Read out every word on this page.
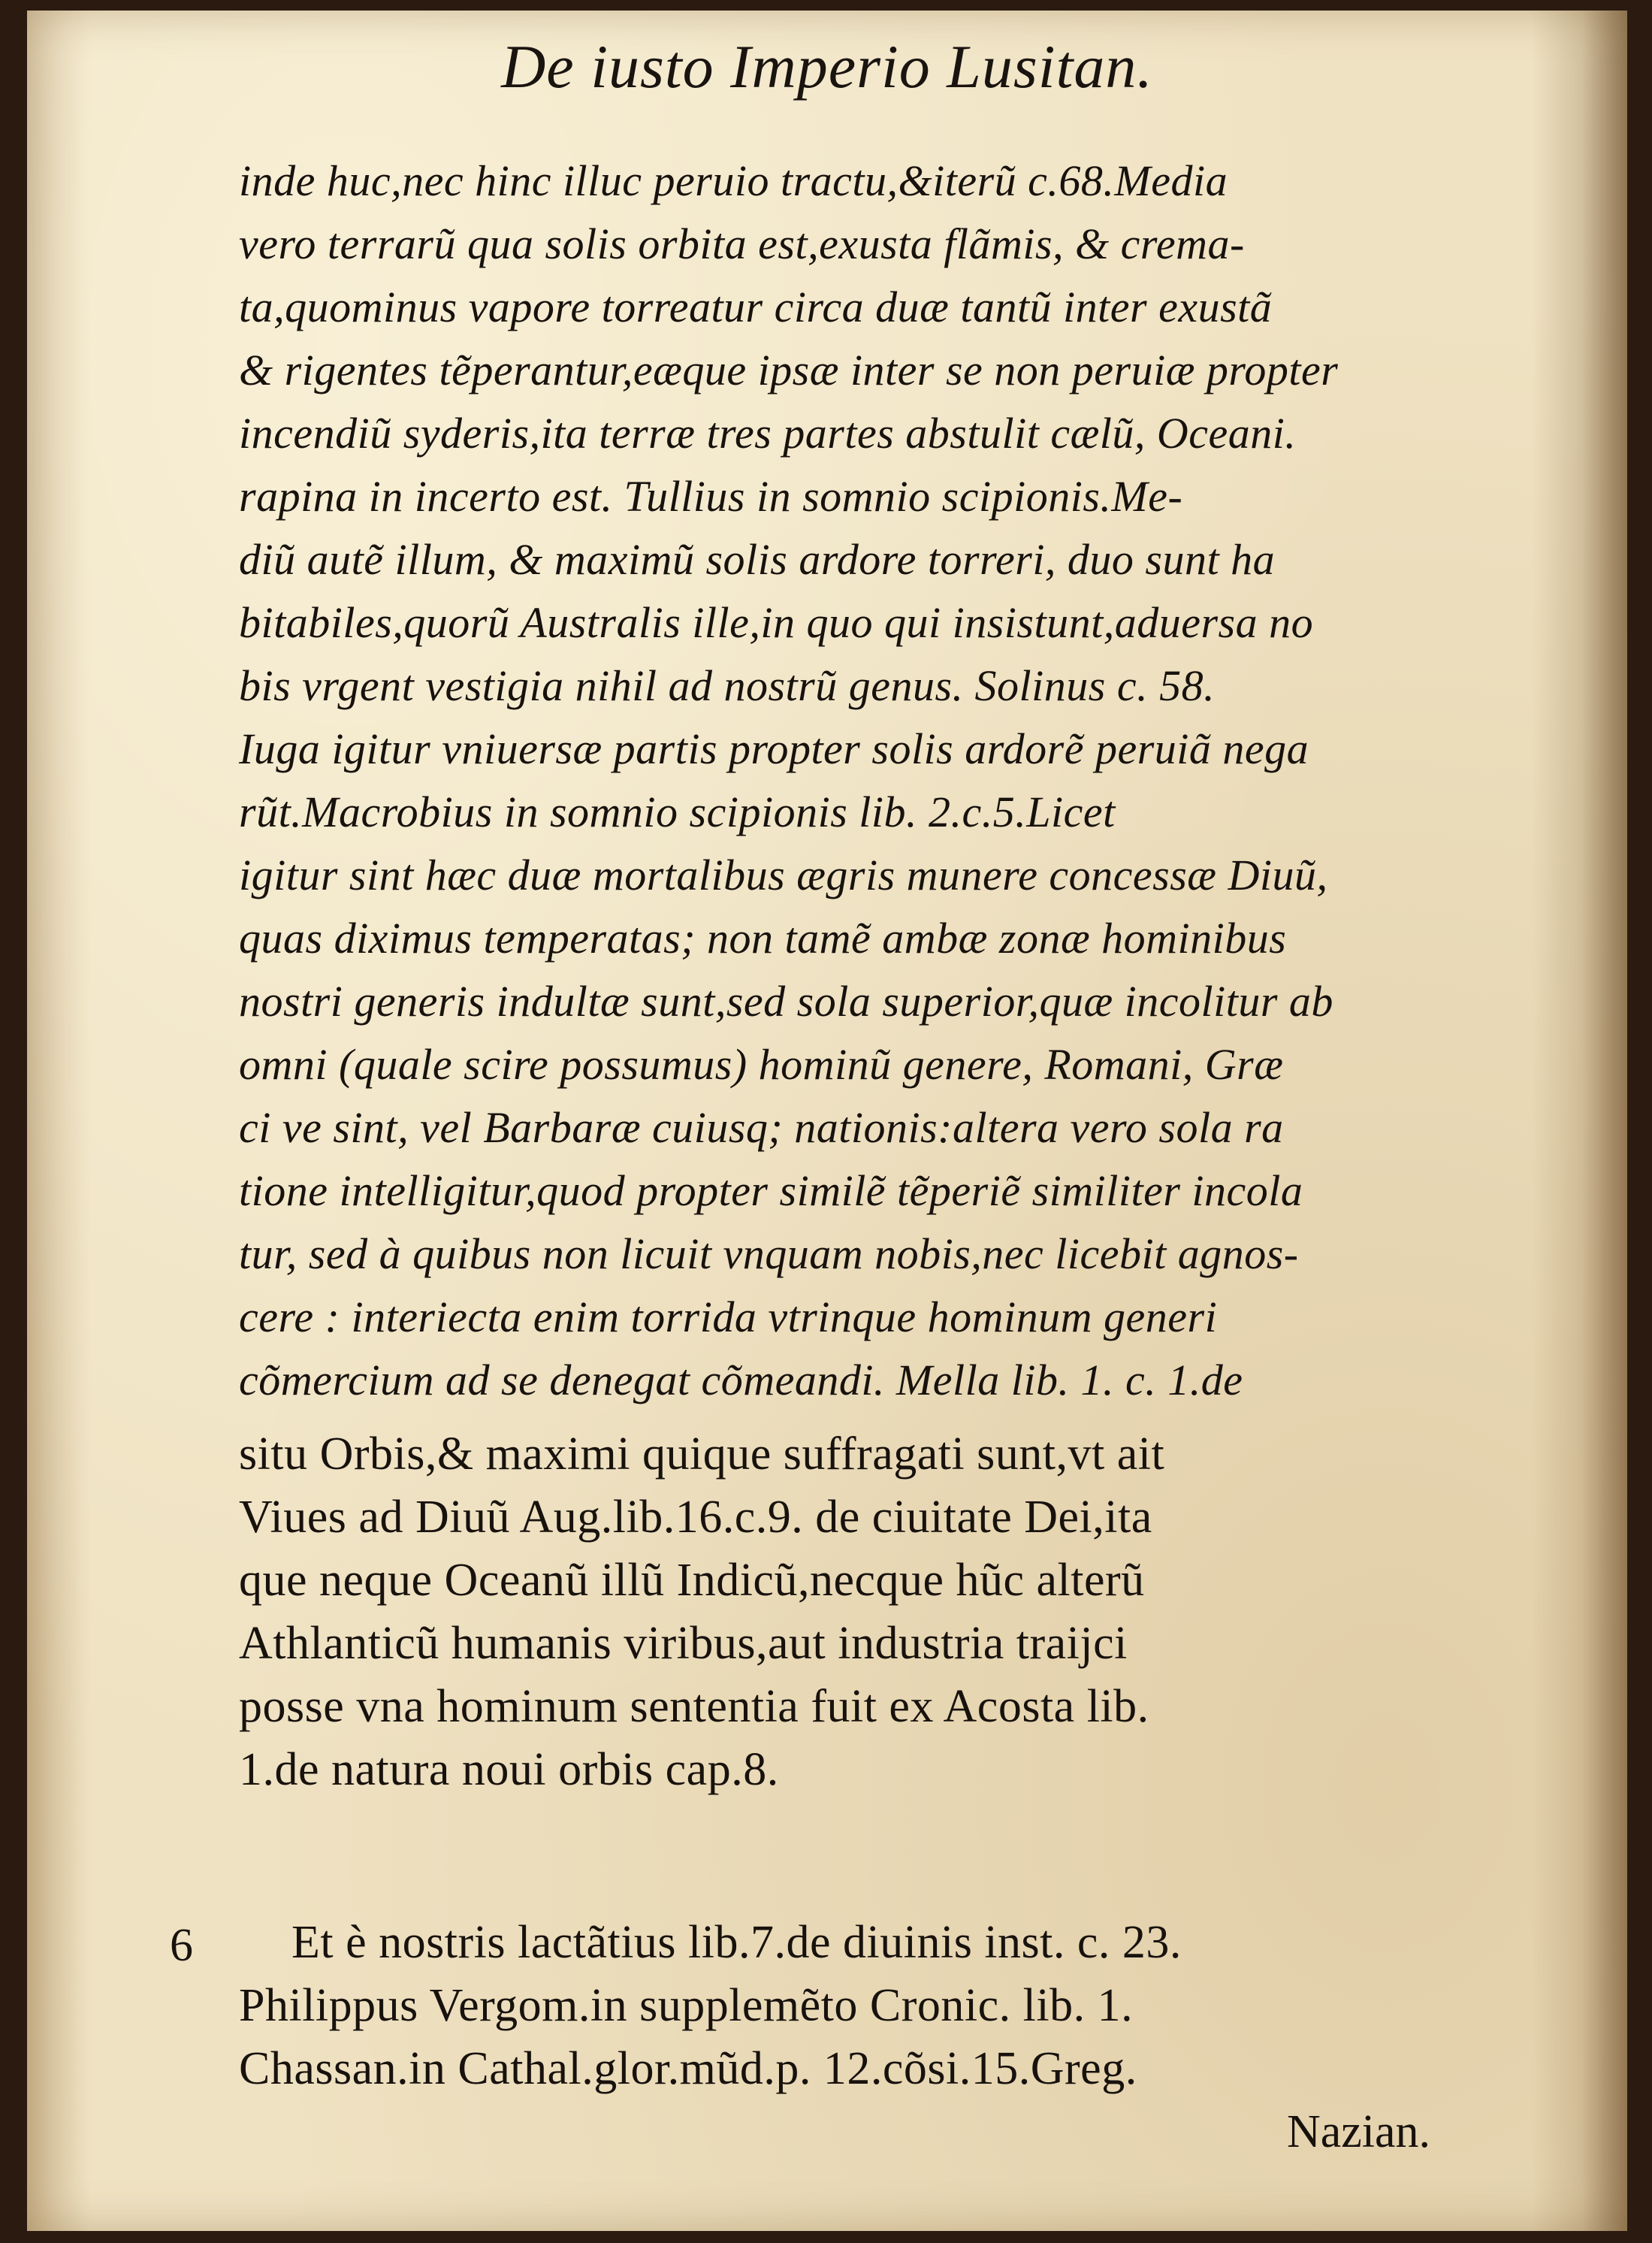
De iusto Imperio Lusitan.
inde huc,nec hinc illuc peruio tractu,&iterũ c.68.Media
vero terrarũ qua solis orbita est,exusta flãmis, & crema-
ta,quominus vapore torreatur circa duæ tantũ inter exustã
& rigentes tẽperantur,eæque ipsæ inter se non peruiæ propter
incendiũ syderis,ita terræ tres partes abstulit cælũ, Oceani.
rapina in incerto est. Tullius in somnio scipionis.Me-
diũ autẽ illum, & maximũ solis ardore torreri, duo sunt ha
bitabiles,quorũ Australis ille,in quo qui insistunt,aduersa no
bis vrgent vestigia nihil ad nostrũ genus. Solinus c. 58.
Iuga igitur vniuersæ partis propter solis ardorẽ peruiã nega
rũt.Macrobius in somnio scipionis lib. 2.c.5.Licet
igitur sint hæc duæ mortalibus ægris munere concessæ Diuũ,
quas diximus temperatas; non tamẽ ambæ zonæ hominibus
nostri generis indultæ sunt,sed sola superior,quæ incolitur ab
omni (quale scire possumus) hominũ genere, Romani, Græ
ci ve sint, vel Barbaræ cuiusq; nationis:altera vero sola ra
tione intelligitur,quod propter similẽ tẽperiẽ similiter incola
tur, sed à quibus non licuit vnquam nobis,nec licebit agnos-
cere : interiecta enim torrida vtrinque hominum generi
cõmercium ad se denegat cõmeandi. Mella lib. 1. c. 1.de
situ Orbis,& maximi quique suffragati sunt,vt ait
Viues ad Diuũ Aug.lib.16.c.9. de ciuitate Dei,ita
que neque Oceanũ illũ Indicũ,necque hũc alterũ
Athlanticũ humanis viribus,aut industria traijci
posse vna hominum sententia fuit ex Acosta lib.
1.de natura noui orbis cap.8.
Et è nostris lactãtius lib.7.de diuinis inst. c. 23.
Philippus Vergom.in supplemẽto Cronic. lib. 1.
Chassan.in Cathal.glor.mũd.p. 12.cõsi.15.Greg.
6
Nazian.
